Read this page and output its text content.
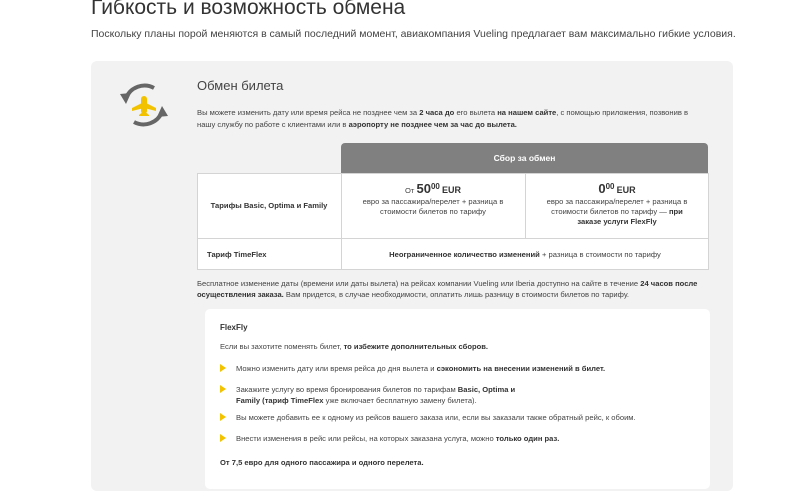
Гибкость и возможность обмена
Поскольку планы порой меняются в самый последний момент, авиакомпания Vueling предлагает вам максимально гибкие условия.
Обмен билета
Вы можете изменить дату или время рейса не позднее чем за 2 часа до его вылета на нашем сайте, с помощью приложения, позвонив в нашу службу по работе с клиентами или в аэропорту не позднее чем за час до вылета.
Сбор за обмен
Тарифы Basic, Optima и Family
От 5000 EUR
евро за пассажира/перелет + разница в стоимости билетов по тарифу
000 EUR
евро за пассажира/перелет + разница в стоимости билетов по тарифу — при заказе услуги FlexFly
Тариф TimeFlex	Неограниченное количество изменений + разница в стоимости по тарифу
Бесплатное изменение даты (времени или даты вылета) на рейсах компании Vueling или Iberia доступно на сайте в течение 24 часов после осуществления заказа. Вам придется, в случае необходимости, оплатить лишь разницу в стоимости билетов по тарифу.
FlexFly
Если вы захотите поменять билет, то избежите дополнительных сборов.
Можно изменить дату или время рейса до дня вылета и сэкономить на внесении изменений в билет.
Закажите услугу во время бронирования билетов по тарифам Basic, Optima и Family (тариф TimeFlex уже включает бесплатную замену билета).
Вы можете добавить ее к одному из рейсов вашего заказа или, если вы заказали также обратный рейс, к обоим.
Внести изменения в рейс или рейсы, на которых заказана услуга, можно только один раз.
От 7,5 евро для одного пассажира и одного перелета.
